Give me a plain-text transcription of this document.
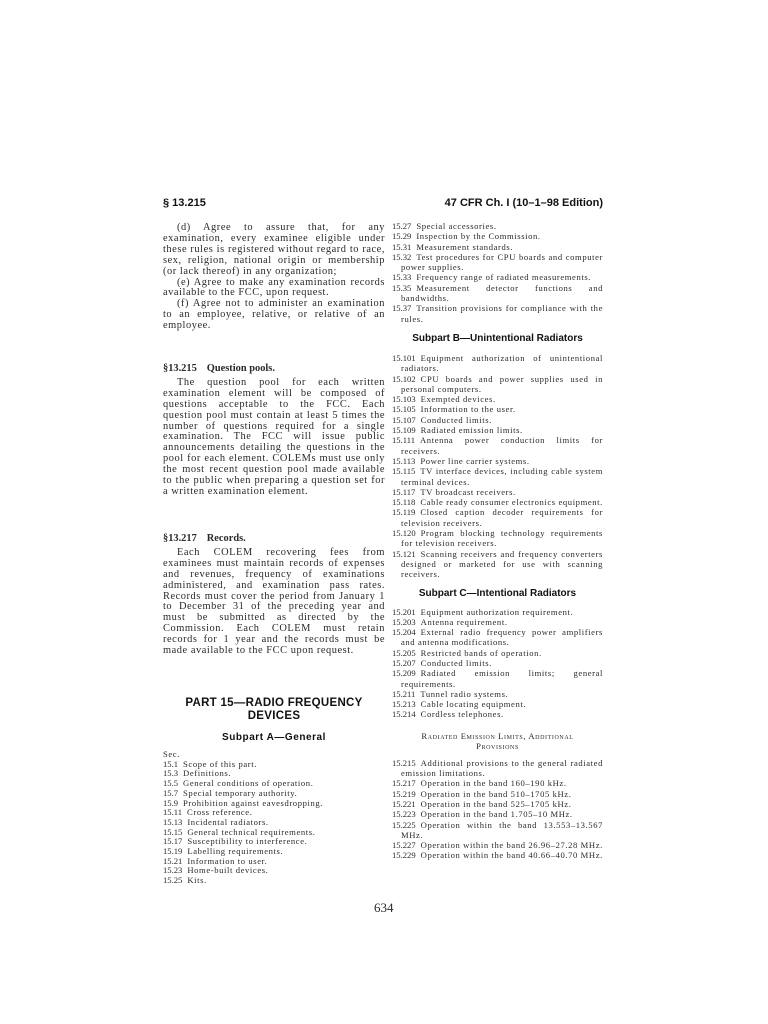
§ 13.215	47 CFR Ch. I (10–1–98 Edition)

(d) Agree to assure that, for any examination, every examinee eligible under these rules is registered without regard to race, sex, religion, national origin or membership (or lack thereof) in any organization;

(e) Agree to make any examination records available to the FCC, upon request.

(f) Agree not to administer an examination to an employee, relative, or relative of an employee.

§13.215 Question pools.

The question pool for each written examination element will be composed of questions acceptable to the FCC. Each question pool must contain at least 5 times the number of questions required for a single examination. The FCC will issue public announcements detailing the questions in the pool for each element. COLEMs must use only the most recent question pool made available to the public when preparing a question set for a written examination element.

§13.217 Records.

Each COLEM recovering fees from examinees must maintain records of expenses and revenues, frequency of examinations administered, and examination pass rates. Records must cover the period from January 1 to December 31 of the preceding year and must be submitted as directed by the Commission. Each COLEM must retain records for 1 year and the records must be made available to the FCC upon request.

PART 15—RADIO FREQUENCY DEVICES
Subpart A—General
Sec.
15.1 Scope of this part.
15.3 Definitions.
15.5 General conditions of operation.
15.7 Special temporary authority.
15.9 Prohibition against eavesdropping.
15.11 Cross reference.
15.13 Incidental radiators.
15.15 General technical requirements.
15.17 Susceptibility to interference.
15.19 Labelling requirements.
15.21 Information to user.
15.23 Home-built devices.
15.25 Kits.
15.27 Special accessories.
15.29 Inspection by the Commission.
15.31 Measurement standards.
15.32 Test procedures for CPU boards and computer power supplies.
15.33 Frequency range of radiated measurements.
15.35 Measurement detector functions and bandwidths.
15.37 Transition provisions for compliance with the rules.
Subpart B—Unintentional Radiators
15.101 Equipment authorization of unintentional radiators.
15.102 CPU boards and power supplies used in personal computers.
15.103 Exempted devices.
15.105 Information to the user.
15.107 Conducted limits.
15.109 Radiated emission limits.
15.111 Antenna power conduction limits for receivers.
15.113 Power line carrier systems.
15.115 TV interface devices, including cable system terminal devices.
15.117 TV broadcast receivers.
15.118 Cable ready consumer electronics equipment.
15.119 Closed caption decoder requirements for television receivers.
15.120 Program blocking technology requirements for television receivers.
15.121 Scanning receivers and frequency converters designed or marketed for use with scanning receivers.
Subpart C—Intentional Radiators
15.201 Equipment authorization requirement.
15.203 Antenna requirement.
15.204 External radio frequency power amplifiers and antenna modifications.
15.205 Restricted bands of operation.
15.207 Conducted limits.
15.209 Radiated emission limits; general requirements.
15.211 Tunnel radio systems.
15.213 Cable locating equipment.
15.214 Cordless telephones.
Radiated Emission Limits, Additional Provisions
15.215 Additional provisions to the general radiated emission limitations.
15.217 Operation in the band 160–190 kHz.
15.219 Operation in the band 510–1705 kHz.
15.221 Operation in the band 525–1705 kHz.
15.223 Operation in the band 1.705–10 MHz.
15.225 Operation within the band 13.553–13.567 MHz.
15.227 Operation within the band 26.96–27.28 MHz.
15.229 Operation within the band 40.66–40.70 MHz.
634
